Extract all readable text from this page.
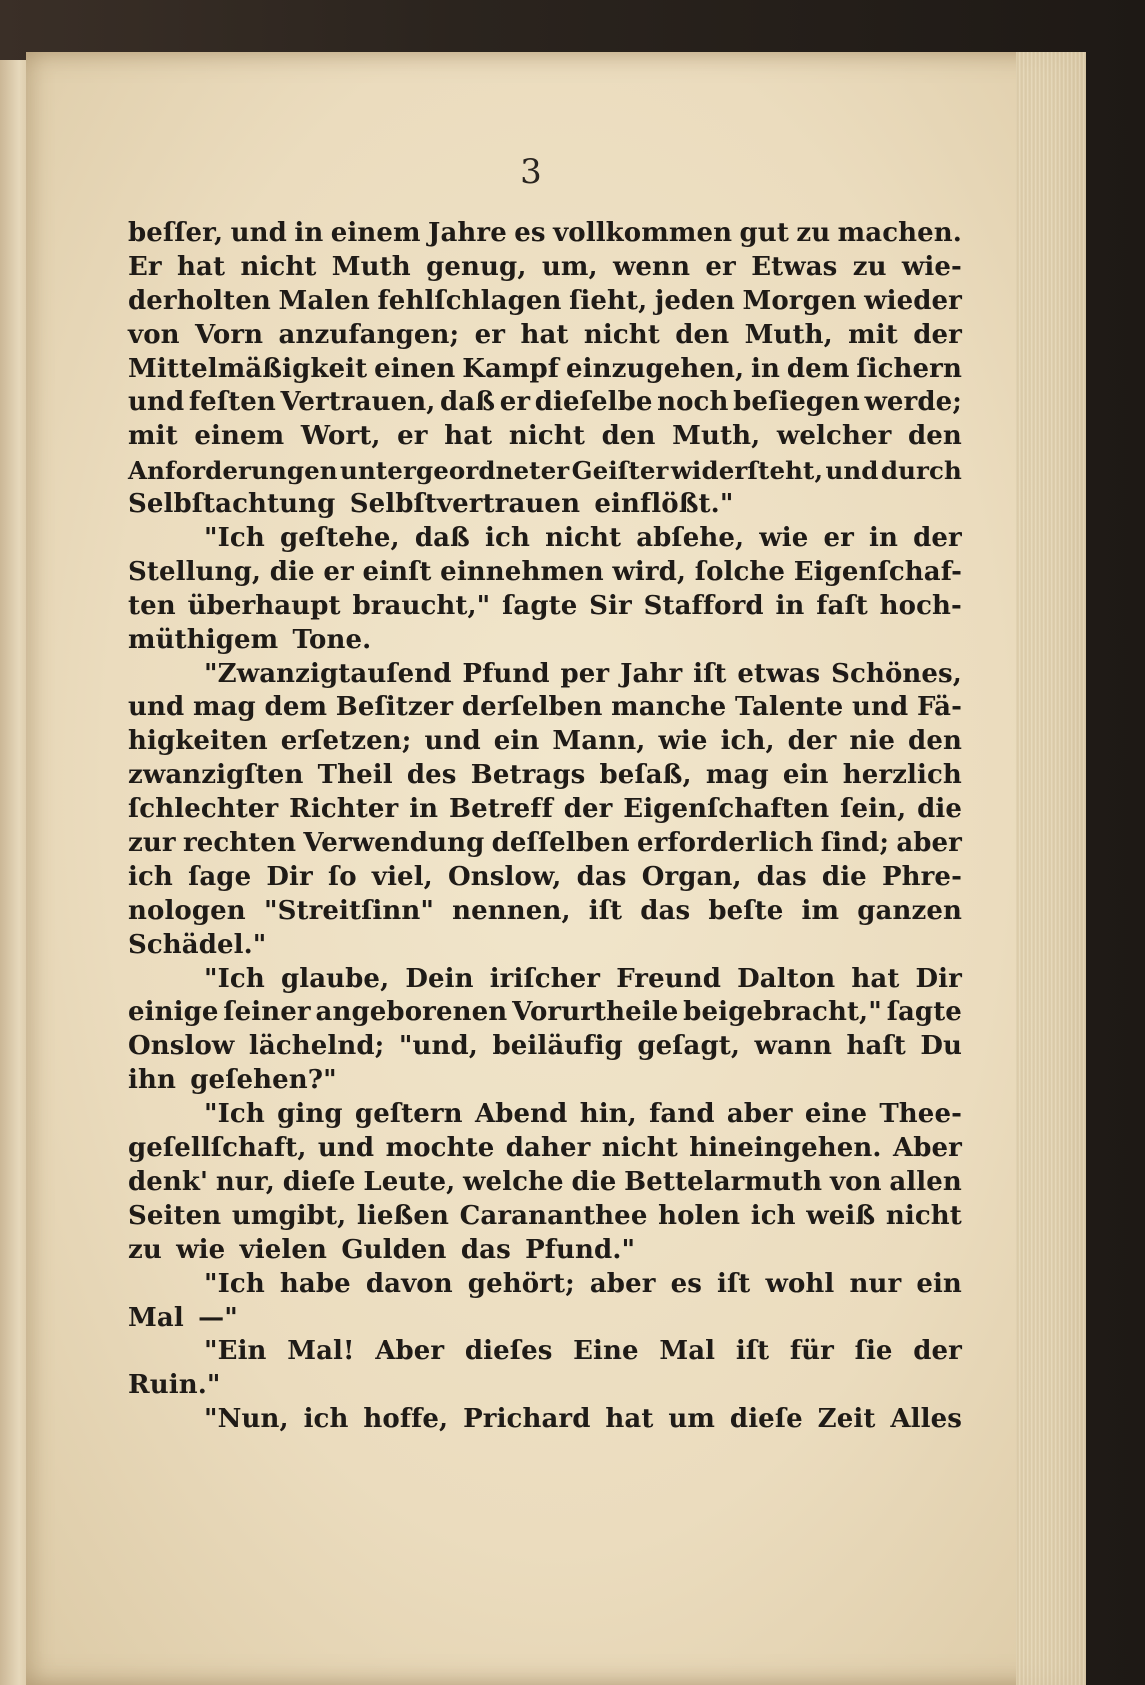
3
beſſer, und in einem Jahre es vollkommen gut zu machen.
Er hat nicht Muth genug, um, wenn er Etwas zu wie-
derholten Malen fehlſchlagen ſieht, jeden Morgen wieder
von Vorn anzufangen; er hat nicht den Muth, mit der
Mittelmäßigkeit einen Kampf einzugehen, in dem ſichern
und feſten Vertrauen, daß er dieſelbe noch beſiegen werde;
mit einem Wort, er hat nicht den Muth, welcher den
Anforderungen untergeordneter Geiſter widerſteht, und durch
Selbſtachtung Selbſtvertrauen einflößt."
"Ich geſtehe, daß ich nicht abſehe, wie er in der
Stellung, die er einſt einnehmen wird, ſolche Eigenſchaf-
ten überhaupt braucht," ſagte Sir Stafford in faſt hoch-
müthigem Tone.
"Zwanzigtauſend Pfund per Jahr iſt etwas Schönes,
und mag dem Beſitzer derſelben manche Talente und Fä-
higkeiten erſetzen; und ein Mann, wie ich, der nie den
zwanzigſten Theil des Betrags beſaß, mag ein herzlich
ſchlechter Richter in Betreff der Eigenſchaften ſein, die
zur rechten Verwendung deſſelben erforderlich ſind; aber
ich ſage Dir ſo viel, Onslow, das Organ, das die Phre-
nologen "Streitſinn" nennen, iſt das beſte im ganzen
Schädel."
"Ich glaube, Dein iriſcher Freund Dalton hat Dir
einige ſeiner angeborenen Vorurtheile beigebracht," ſagte
Onslow lächelnd; "und, beiläufig geſagt, wann haſt Du
ihn geſehen?"
"Ich ging geſtern Abend hin, fand aber eine Thee-
geſellſchaft, und mochte daher nicht hineingehen. Aber
denk' nur, dieſe Leute, welche die Bettelarmuth von allen
Seiten umgibt, ließen Carananthee holen ich weiß nicht
zu wie vielen Gulden das Pfund."
"Ich habe davon gehört; aber es iſt wohl nur ein
Mal —"
"Ein Mal! Aber dieſes Eine Mal iſt für ſie der
Ruin."
"Nun, ich hoffe, Prichard hat um dieſe Zeit Alles
